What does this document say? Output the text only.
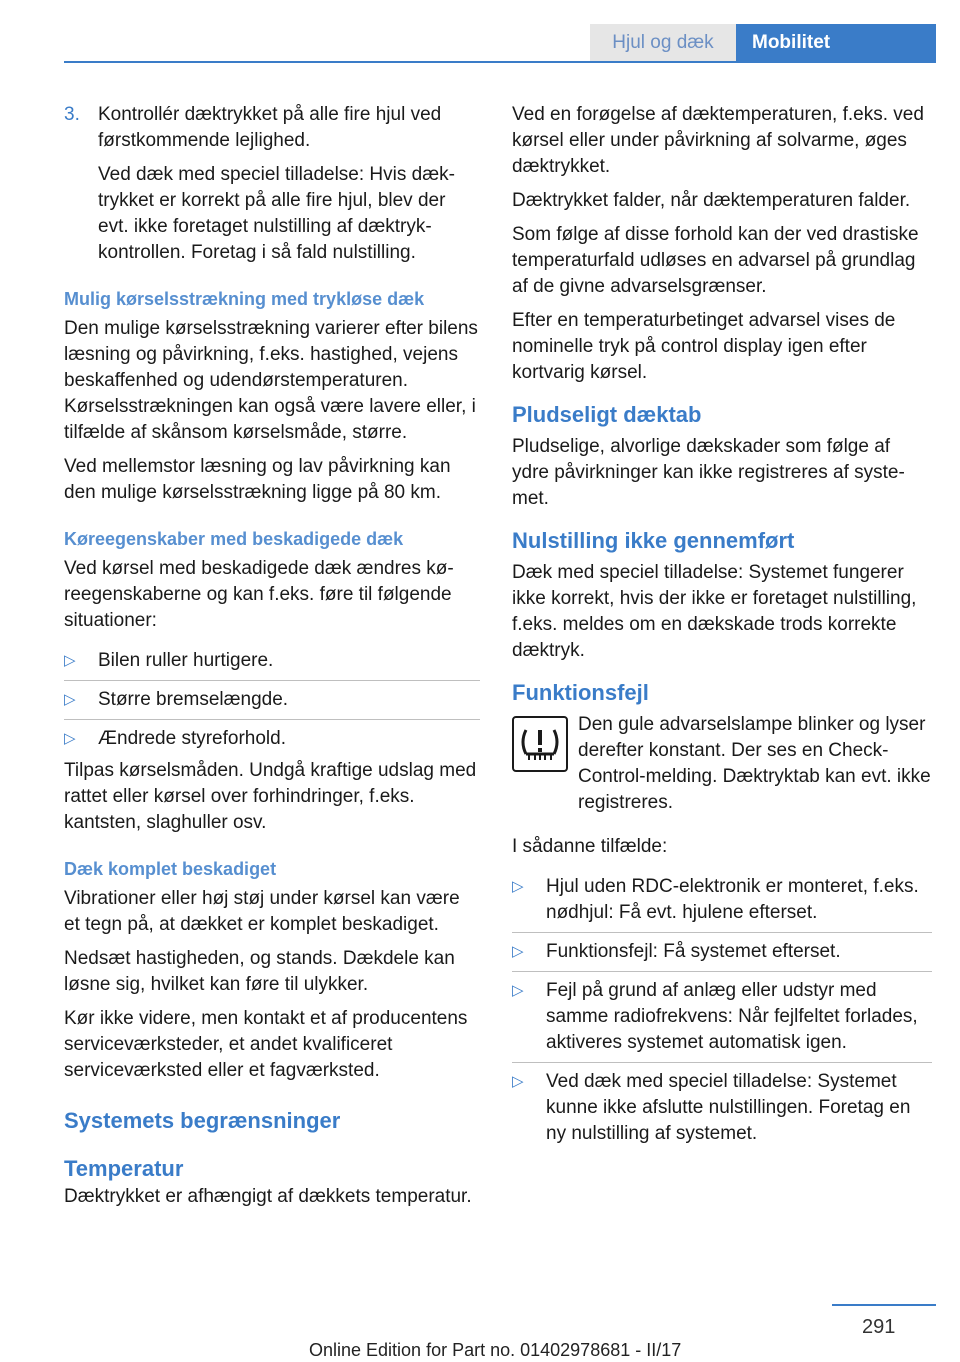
Hjul og dæk	Mobilitet
3. Kontrollér dæktrykket på alle fire hjul ved førstkommende lejlighed.

Ved dæk med speciel tilladelse: Hvis dæktrykket er korrekt på alle fire hjul, blev der evt. ikke foretaget nulstilling af dæktrykkontrollen. Foretag i så fald nulstilling.

Mulig kørselsstrækning med trykløse dæk

Den mulige kørselsstrækning varierer efter bilens læsning og påvirkning, f.eks. hastighed, vejens beskaffenhed og udendørstemperaturen. Kørselsstrækningen kan også være lavere eller, i tilfælde af skånsom kørselsmåde, større.

Ved mellemstor læsning og lav påvirkning kan den mulige kørselsstrækning ligge på 80 km.

Køreegenskaber med beskadigede dæk

Ved kørsel med beskadigede dæk ændres køreegenskaberne og kan f.eks. føre til følgende situationer:

▷	Bilen ruller hurtigere.
▷	Større bremselængde.
▷	Ændrede styreforhold.

Tilpas kørselsmåden. Undgå kraftige udslag med rattet eller kørsel over forhindringer, f.eks. kantsten, slaghuller osv.

Dæk komplet beskadiget

Vibrationer eller høj støj under kørsel kan være et tegn på, at dækket er komplet beskadiget.

Nedsæt hastigheden, og stands. Dækdele kan løsne sig, hvilket kan føre til ulykker.

Kør ikke videre, men kontakt et af producentens serviceværksteder, et andet kvalificeret serviceværksted eller et fagværksted.

Systemets begrænsninger
Temperatur

Dæktrykket er afhængigt af dækkets temperatur.

Ved en forøgelse af dæktemperaturen, f.eks. ved kørsel eller under påvirkning af solvarme, øges dæktrykket.

Dæktrykket falder, når dæktemperaturen falder.

Som følge af disse forhold kan der ved drastiske temperaturfald udløses en advarsel på grundlag af de givne advarselsgrænser.

Efter en temperaturbetinget advarsel vises de nominelle tryk på control display igen efter kortvarig kørsel.

Pludseligt dæktab

Pludselige, alvorlige dækskader som følge af ydre påvirkninger kan ikke registreres af systemet.

Nulstilling ikke gennemført

Dæk med speciel tilladelse: Systemet fungerer ikke korrekt, hvis der ikke er foretaget nulstilling, f.eks. meldes om en dækskade trods korrekte dæktryk.

Funktionsfejl

Den gule advarselslampe blinker og lyser derefter konstant. Der ses en Check-Control-melding. Dæktryktab kan evt. ikke registreres.

I sådanne tilfælde:

▷	Hjul uden RDC-elektronik er monteret, f.eks. nødhjul: Få evt. hjulene efterset.
▷	Funktionsfejl: Få systemet efterset.
▷	Fejl på grund af anlæg eller udstyr med samme radiofrekvens: Når fejlfeltet forlades, aktiveres systemet automatisk igen.
▷	Ved dæk med speciel tilladelse: Systemet kunne ikke afslutte nulstillingen. Foretag en ny nulstilling af systemet.
291
Online Edition for Part no. 01402978681 - II/17
